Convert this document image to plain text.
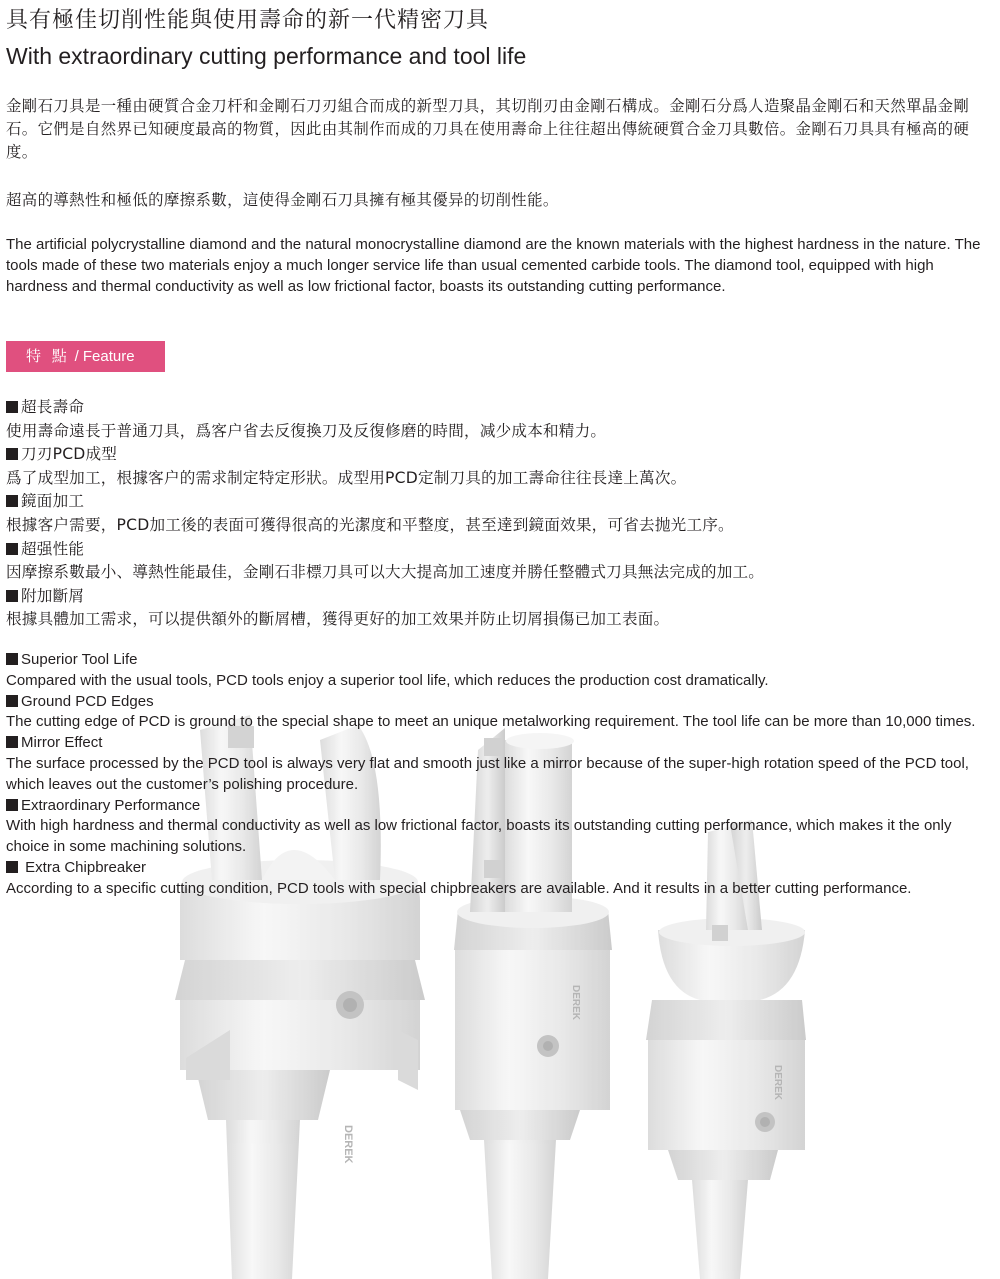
DEREK
DEREK
DEREK
具有極佳切削性能與使用壽命的新一代精密刀具
With extraordinary cutting performance and tool life

金剛石刀具是一種由硬質合金刀杆和金剛石刀刃組合而成的新型刀具，其切削刃由金剛石構成。金剛石分爲人造聚晶金剛石和天然單晶金剛石。它們是自然界已知硬度最高的物質，因此由其制作而成的刀具在使用壽命上往往超出傳統硬質合金刀具數倍。金剛石刀具具有極高的硬度。

超高的導熱性和極低的摩擦系數，這使得金剛石刀具擁有極其優异的切削性能。

The artificial polycrystalline diamond and the natural monocrystalline diamond are the known materials with the highest hardness in the nature. The tools made of these two materials enjoy a much longer service life than usual cemented carbide tools. The diamond tool, equipped with high hardness and thermal conductivity as well as low frictional factor, boasts its outstanding cutting performance.

特 點 / Feature
超長壽命
使用壽命遠長于普通刀具，爲客户省去反復換刀及反復修磨的時間，减少成本和精力。
刀刃PCD成型
爲了成型加工，根據客户的需求制定特定形狀。成型用PCD定制刀具的加工壽命往往長達上萬次。
鏡面加工
根據客户需要，PCD加工後的表面可獲得很高的光潔度和平整度，甚至達到鏡面效果，可省去抛光工序。
超强性能
因摩擦系數最小、導熱性能最佳，金剛石非標刀具可以大大提高加工速度并勝任整體式刀具無法完成的加工。
附加斷屑
根據具體加工需求，可以提供額外的斷屑槽，獲得更好的加工效果并防止切屑損傷已加工表面。
Superior Tool Life
Compared with the usual tools, PCD tools enjoy a superior tool life, which reduces the production cost dramatically.
Ground PCD Edges
The cutting edge of PCD is ground to the special shape to meet an unique metalworking requirement. The tool life can be more than 10,000 times.
Mirror Effect
The surface processed by the PCD tool is always very flat and smooth just like a mirror because of the super-high rotation speed of the PCD tool, which leaves out the customer’s polishing procedure.
Extraordinary Performance
With high hardness and thermal conductivity as well as low frictional factor, boasts its outstanding cutting performance, which makes it the only choice in some machining solutions.
Extra Chipbreaker
According to a specific cutting condition, PCD tools with special chipbreakers are available. And it results in a better cutting performance.
